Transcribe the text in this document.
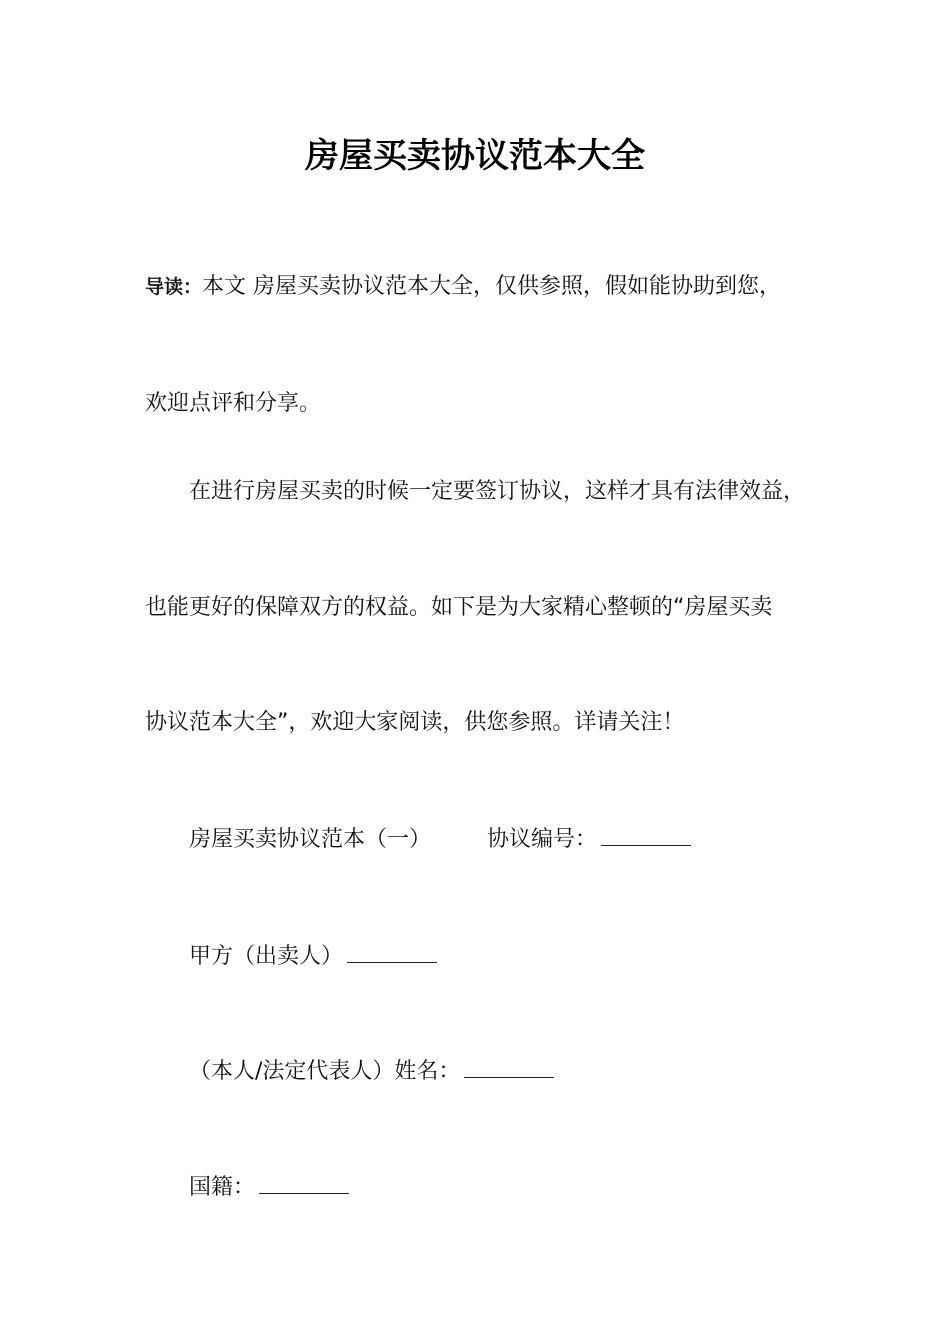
房屋买卖协议范本大全
导读：本文 房屋买卖协议范本大全，仅供参照，假如能协助到您，
欢迎点评和分享。
在进行房屋买卖的时候一定要签订协议，这样才具有法律效益，
也能更好的保障双方的权益。如下是为大家精心整顿的“房屋买卖
协议范本大全”，欢迎大家阅读，供您参照。详请关注！
房屋买卖协议范本（一）	协议编号：
甲方（出卖人）
（本人/法定代表人）姓名：
国籍：
